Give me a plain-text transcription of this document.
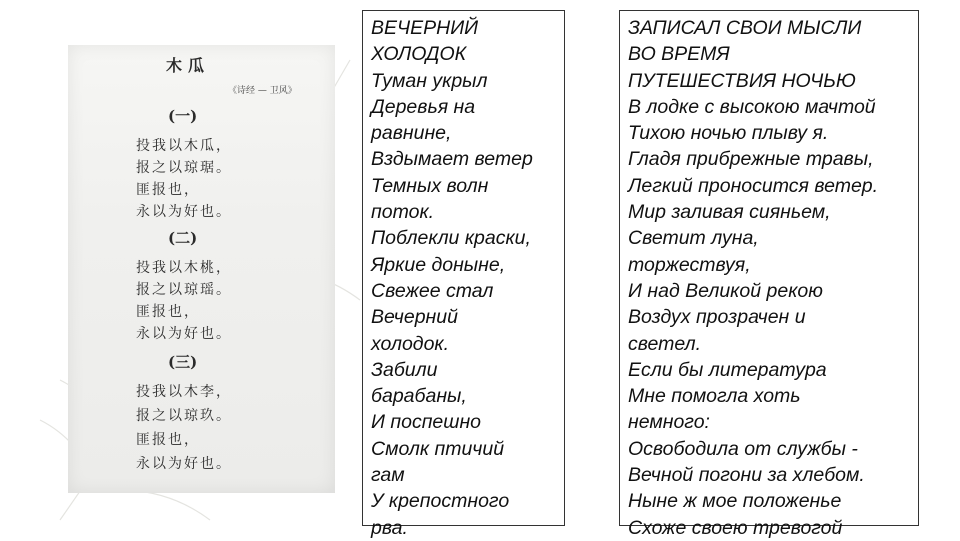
木瓜
《诗经 — 卫风》
(一)
投我以木瓜，
报之以琼琚。
匪报也，
永以为好也。
(二)
投我以木桃，
报之以琼瑶。
匪报也，
永以为好也。
(三)
投我以木李，
报之以琼玖。
匪报也，
永以为好也。
ВЕЧЕРНИЙ
ХОЛОДОК
Туман укрыл
Деревья на
равнине,
Вздымает ветер
Темных волн
поток.
Поблекли краски,
Яркие доныне,
Свежее стал
Вечерний
холодок.
Забили
барабаны,
И поспешно
Смолк птичий
гам
У крепостного
рва.
ЗАПИСАЛ СВОИ МЫСЛИ
ВО ВРЕМЯ
ПУТЕШЕСТВИЯ НОЧЬЮ
В лодке с высокою мачтой
Тихою ночью плыву я.
Гладя прибрежные травы,
Легкий проносится ветер.
Мир заливая сияньем,
Светит луна,
торжествуя,
И над Великой рекою
Воздух прозрачен и
светел.
Если бы литература
Мне помогла хоть
немного:
Освободила от службы -
Вечной погони за хлебом.
Ныне ж мое положенье
Схоже своею тревогой
